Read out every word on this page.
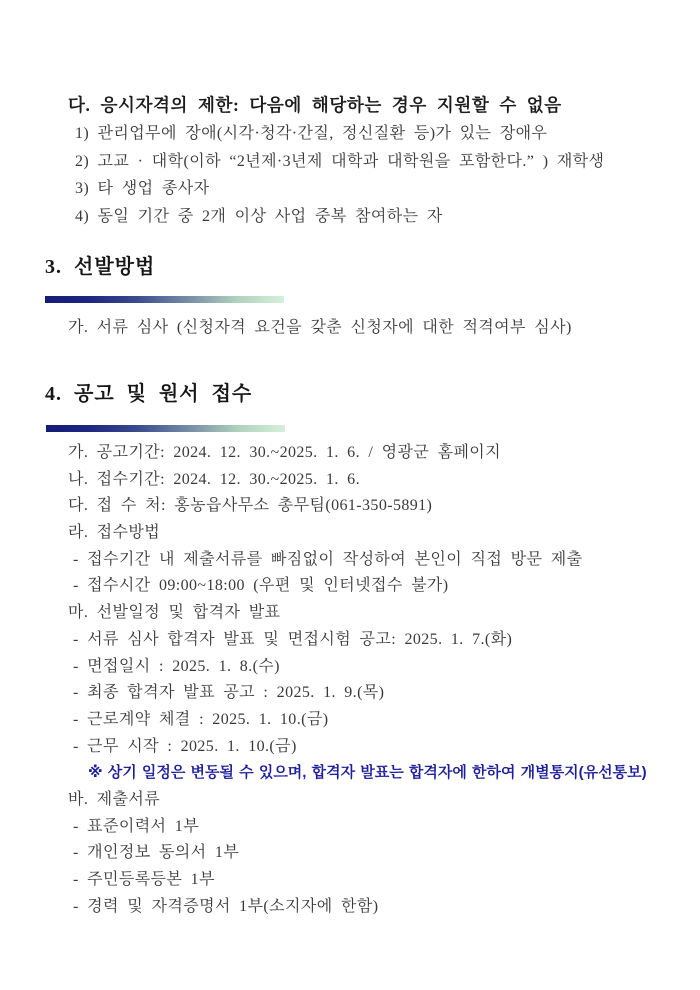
다. 응시자격의 제한: 다음에 해당하는 경우 지원할 수 없음
1) 관리업무에 장애(시각·청각·간질, 정신질환 등)가 있는 장애우
2) 고교 · 대학(이하 “2년제·3년제 대학과 대학원을 포함한다.” ) 재학생
3) 타 생업 종사자
4) 동일 기간 중 2개 이상 사업 중복 참여하는 자
3. 선발방법
가. 서류 심사 (신청자격 요건을 갖춘 신청자에 대한 적격여부 심사)
4. 공고 및 원서 접수
가. 공고기간: 2024. 12. 30.~2025. 1. 6. / 영광군 홈페이지
나. 접수기간: 2024. 12. 30.~2025. 1. 6.
다. 접 수 처: 홍농읍사무소 총무팀(061-350-5891)
라. 접수방법
- 접수기간 내 제출서류를 빠짐없이 작성하여 본인이 직접 방문 제출
- 접수시간 09:00~18:00 (우편 및 인터넷접수 불가)
마. 선발일정 및 합격자 발표
- 서류 심사 합격자 발표 및 면접시험 공고: 2025. 1. 7.(화)
- 면접일시 : 2025. 1. 8.(수)
- 최종 합격자 발표 공고 : 2025. 1. 9.(목)
- 근로계약 체결 : 2025. 1. 10.(금)
- 근무 시작 : 2025. 1. 10.(금)
※ 상기 일정은 변동될 수 있으며, 합격자 발표는 합격자에 한하여 개별통지(유선통보)
바. 제출서류
- 표준이력서 1부
- 개인정보 동의서 1부
- 주민등록등본 1부
- 경력 및 자격증명서 1부(소지자에 한함)
